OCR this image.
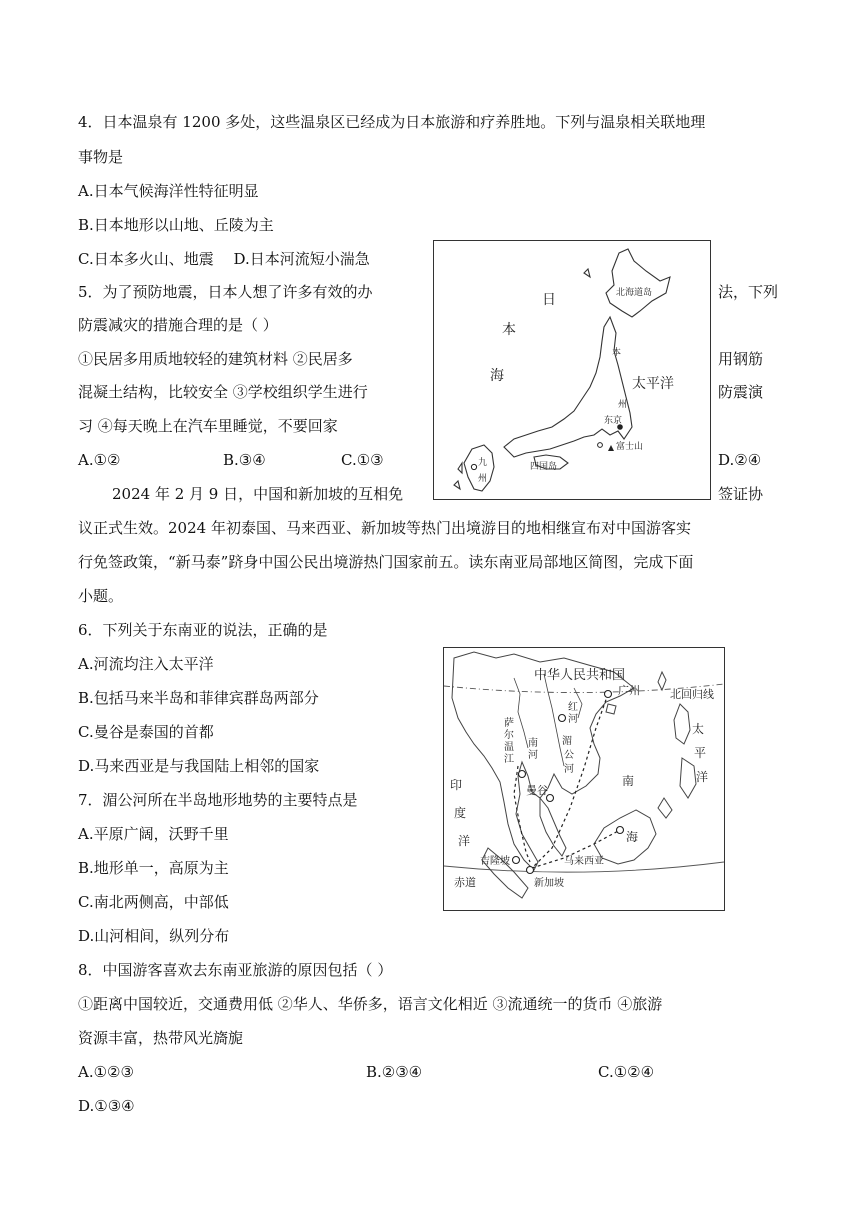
4．日本温泉有 1200 多处，这些温泉区已经成为日本旅游和疗养胜地。下列与温泉相关联地理
事物是
A.日本气候海洋性特征明显
B.日本地形以山地、丘陵为主
C.日本多火山、地震　 D.日本河流短小湍急
5．为了预防地震，日本人想了许多有效的办	法，下列
防震减灾的措施合理的是（ ）
①民居多用质地较轻的建筑材料 ②民居多	用钢筋
混凝土结构，比较安全 ③学校组织学生进行	防震演
习 ④每天晚上在汽车里睡觉，不要回家
A.①②	B.③④	C.①③	D.②④
日
本
海	太平洋
北海道岛
本
州
东京
富士山
四国岛
九
州
2024 年 2 月 9 日，中国和新加坡的互相免	签证协
议正式生效。2024 年初泰国、马来西亚、新加坡等热门出境游目的地相继宣布对中国游客实
行免签政策，“新马泰”跻身中国公民出境游热门国家前五。读东南亚局部地区简图，完成下面
小题。
6．下列关于东南亚的说法，正确的是
A.河流均注入太平洋
B.包括马来半岛和菲律宾群岛两部分
C.曼谷是泰国的首都
D.马来西亚是与我国陆上相邻的国家
7．湄公河所在半岛地形地势的主要特点是
A.平原广阔，沃野千里
B.地形单一，高原为主
C.南北两侧高，中部低
D.山河相间，纵列分布
中华人民共和国
广州	北回归线
太
平
洋
印
度
洋
南
海
红
河
萨
尔
温
江
湄
公
河
南
河
曼谷
吉隆坡	马来西亚
新加坡
赤道
8．中国游客喜欢去东南亚旅游的原因包括（ ）
①距离中国较近，交通费用低 ②华人、华侨多，语言文化相近 ③流通统一的货币 ④旅游
资源丰富，热带风光旖旎
A.①②③	B.②③④	C.①②④
D.①③④
